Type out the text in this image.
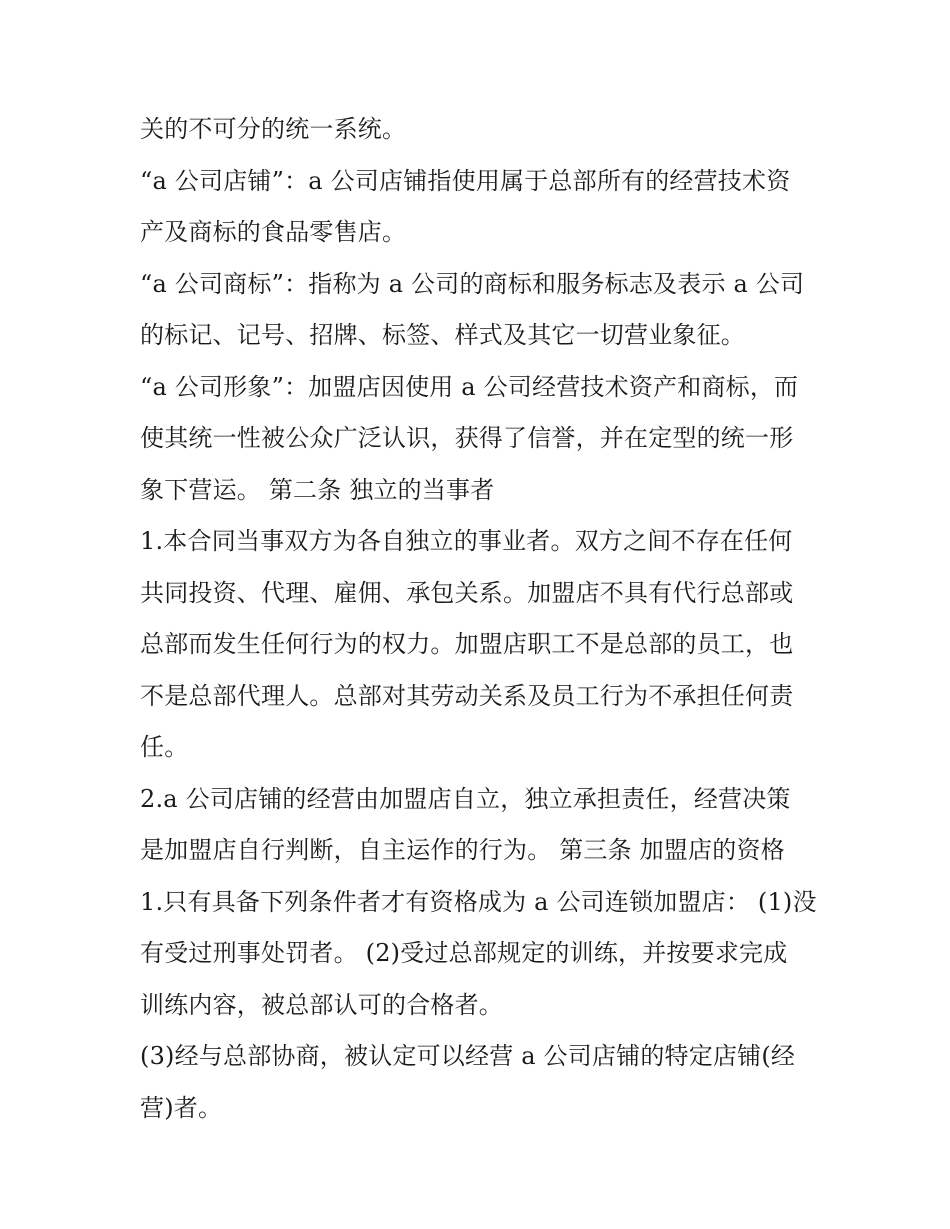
关的不可分的统一系统。
“a 公司店铺”：a 公司店铺指使用属于总部所有的经营技术资
产及商标的食品零售店。
“a 公司商标”：指称为 a 公司的商标和服务标志及表示 a 公司
的标记、记号、招牌、标签、样式及其它一切营业象征。
“a 公司形象”：加盟店因使用 a 公司经营技术资产和商标，而
使其统一性被公众广泛认识，获得了信誉，并在定型的统一形
象下营运。 第二条 独立的当事者
1.本合同当事双方为各自独立的事业者。双方之间不存在任何
共同投资、代理、雇佣、承包关系。加盟店不具有代行总部或
总部而发生任何行为的权力。加盟店职工不是总部的员工，也
不是总部代理人。总部对其劳动关系及员工行为不承担任何责
任。
2.a 公司店铺的经营由加盟店自立，独立承担责任，经营决策
是加盟店自行判断，自主运作的行为。 第三条 加盟店的资格
1.只有具备下列条件者才有资格成为 a 公司连锁加盟店： (1)没
有受过刑事处罚者。 (2)受过总部规定的训练，并按要求完成
训练内容，被总部认可的合格者。
(3)经与总部协商，被认定可以经营 a 公司店铺的特定店铺(经
营)者。
